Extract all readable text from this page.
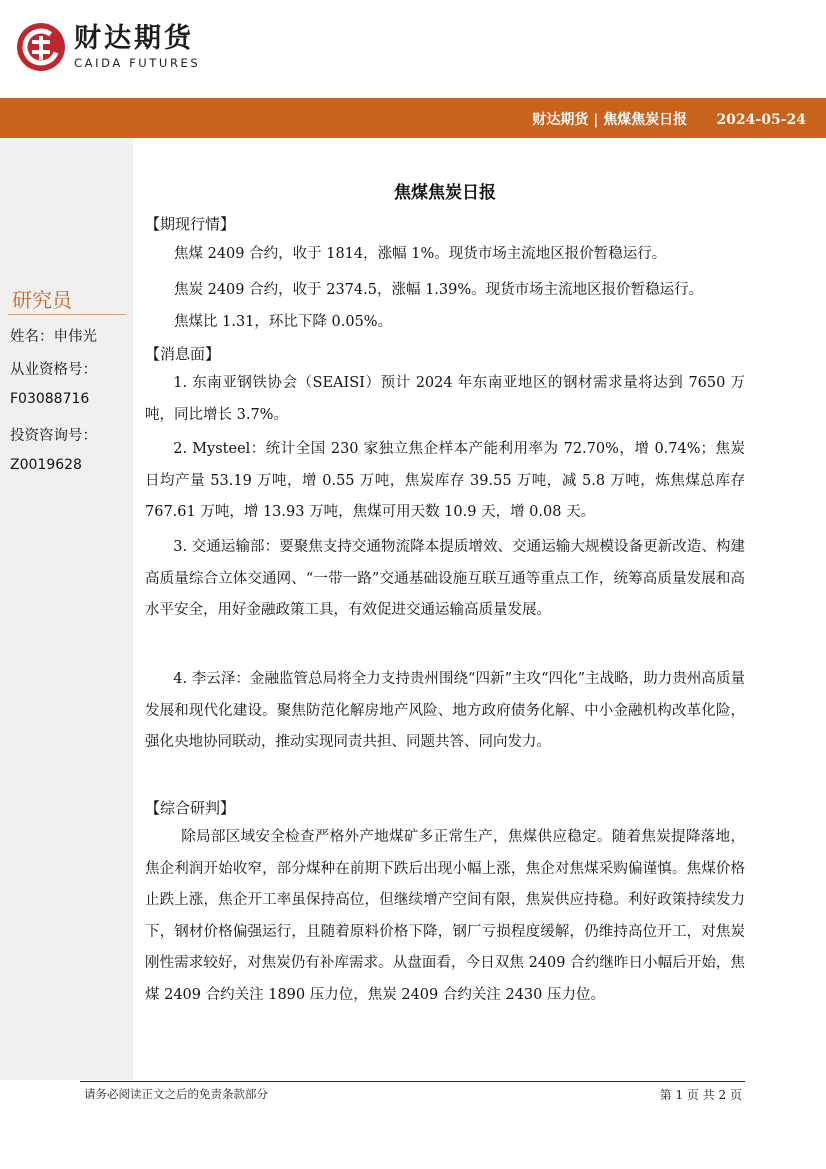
财达期货
CAIDA FUTURES
财达期货 | 焦煤焦炭日报 2024-05-24
研究员
姓名：申伟光
从业资格号：
F03088716
投资咨询号：
Z0019628
焦煤焦炭日报
【期现行情】

焦煤 2409 合约，收于 1814，涨幅 1%。现货市场主流地区报价暂稳运行。

焦炭 2409 合约，收于 2374.5，涨幅 1.39%。现货市场主流地区报价暂稳运行。

焦煤比 1.31，环比下降 0.05%。

【消息面】

1. 东南亚钢铁协会（SEAISI）预计 2024 年东南亚地区的钢材需求量将达到 7650 万吨，同比增长 3.7%。

2. Mysteel：统计全国 230 家独立焦企样本产能利用率为 72.70%，增 0.74%；焦炭日均产量 53.19 万吨，增 0.55 万吨，焦炭库存 39.55 万吨，减 5.8 万吨，炼焦煤总库存 767.61 万吨，增 13.93 万吨，焦煤可用天数 10.9 天，增 0.08 天。

3. 交通运输部：要聚焦支持交通物流降本提质增效、交通运输大规模设备更新改造、构建高质量综合立体交通网、“一带一路”交通基础设施互联互通等重点工作，统筹高质量发展和高水平安全，用好金融政策工具，有效促进交通运输高质量发展。

4. 李云泽：金融监管总局将全力支持贵州围绕“四新”主攻“四化”主战略，助力贵州高质量发展和现代化建设。聚焦防范化解房地产风险、地方政府债务化解、中小金融机构改革化险，强化央地协同联动，推动实现同责共担、同题共答、同向发力。

【综合研判】

除局部区域安全检查严格外产地煤矿多正常生产，焦煤供应稳定。随着焦炭提降落地，焦企利润开始收窄，部分煤种在前期下跌后出现小幅上涨，焦企对焦煤采购偏谨慎。焦煤价格止跌上涨，焦企开工率虽保持高位，但继续增产空间有限，焦炭供应持稳。利好政策持续发力下，钢材价格偏强运行，且随着原料价格下降，钢厂亏损程度缓解，仍维持高位开工，对焦炭刚性需求较好，对焦炭仍有补库需求。从盘面看，今日双焦 2409 合约继昨日小幅后开始，焦煤 2409 合约关注 1890 压力位，焦炭 2409 合约关注 2430 压力位。

请务必阅读正文之后的免责条款部分	第 1 页 共 2 页
